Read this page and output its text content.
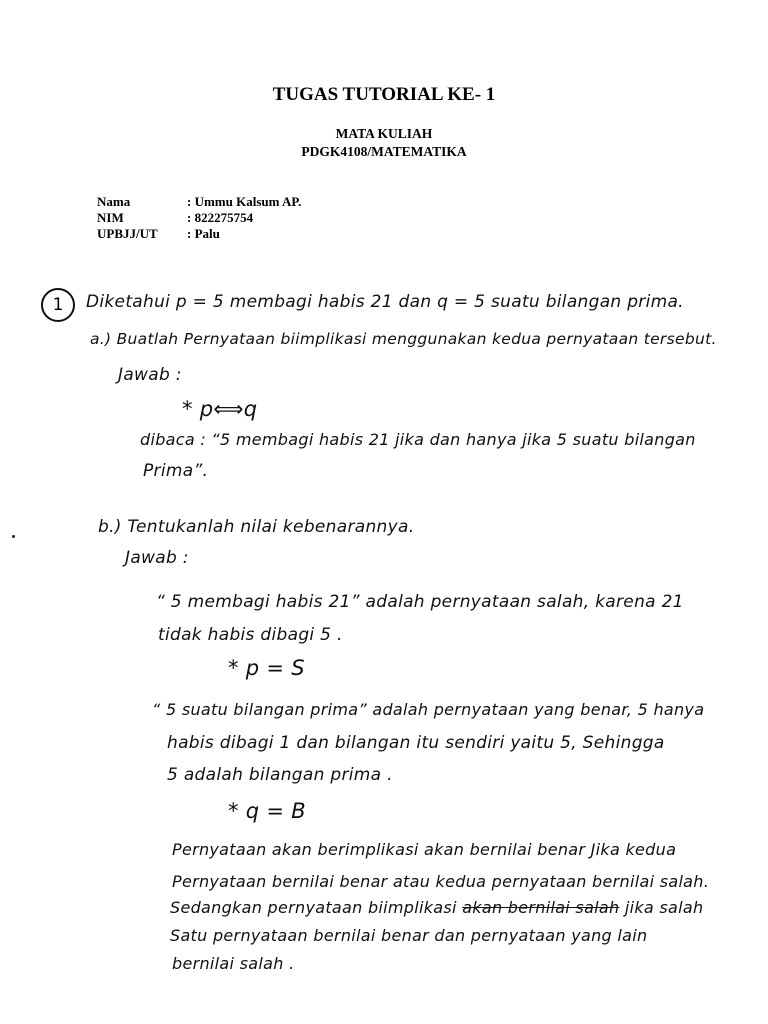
TUGAS TUTORIAL KE- 1
MATA KULIAH
PDGK4108/MATEMATIKA
Nama	: Ummu Kalsum AP.
NIM	: 822275754
UPBJJ/UT	: Palu
1	Diketahui p = 5 membagi habis 21 dan q = 5 suatu bilangan prima.
a.) Buatlah Pernyataan biimplikasi menggunakan kedua pernyataan tersebut.
Jawab :
* p⟺q
dibaca : “5 membagi habis 21 jika dan hanya jika 5 suatu bilangan
Prima”.
b.) Tentukanlah nilai kebenarannya.
Jawab :
“ 5 membagi habis 21” adalah pernyataan salah, karena 21
tidak habis dibagi 5 .
* p = S
“ 5 suatu bilangan prima” adalah pernyataan yang benar, 5 hanya
habis dibagi 1 dan bilangan itu sendiri yaitu 5, Sehingga
5 adalah bilangan prima .
* q = B
Pernyataan akan berimplikasi akan bernilai benar Jika kedua
Pernyataan bernilai benar atau kedua pernyataan bernilai salah.
Sedangkan pernyataan biimplikasi akan bernilai salah jika salah
Satu pernyataan bernilai benar dan pernyataan yang lain
bernilai salah .
